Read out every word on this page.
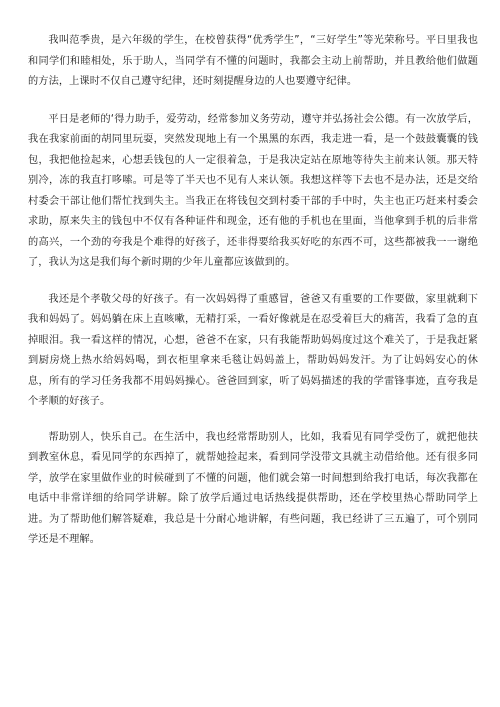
我叫范季贵，是六年级的学生，在校曾获得“优秀学生”，“三好学生”等光荣称号。平日里我也和同学们和睦相处，乐于助人，当同学有不懂的问题时，我都会主动上前帮助，并且教给他们做题的方法，上课时不仅自己遵守纪律，还时刻提醒身边的人也要遵守纪律。

平日是老师的‘得力助手，爱劳动，经常参加义务劳动，遵守并弘扬社会公德。有一次放学后，我在我家前面的胡同里玩耍，突然发现地上有一个黑黑的东西，我走进一看，是一个鼓鼓囊囊的钱包，我把他捡起来，心想丢钱包的人一定很着急，于是我决定站在原地等待失主前来认领。那天特别冷，冻的我直打哆嗦。可是等了半天也不见有人来认领。我想这样等下去也不是办法，还是交给村委会干部让他们帮忙找到失主。当我正在将钱包交到村委干部的手中时，失主也正巧赶来村委会求助，原来失主的钱包中不仅有各种证件和现金，还有他的手机也在里面，当他拿到手机的后非常的高兴，一个劲的夸我是个难得的好孩子，还非得要给我买好吃的东西不可，这些都被我一一谢绝了，我认为这是我们每个新时期的少年儿童都应该做到的。

我还是个孝敬父母的好孩子。有一次妈妈得了重感冒，爸爸又有重要的工作要做，家里就剩下我和妈妈了。妈妈躺在床上直咳嗽，无精打采，一看好像就是在忍受着巨大的痛苦，我看了急的直掉眼泪。我一看这样的情况，心想，爸爸不在家，只有我能帮助妈妈度过这个难关了，于是我赶紧到厨房烧上热水给妈妈喝，到衣柜里拿来毛毯让妈妈盖上，帮助妈妈发汗。为了让妈妈安心的休息，所有的学习任务我都不用妈妈操心。爸爸回到家，听了妈妈描述的我的学雷锋事迹，直夸我是个孝顺的好孩子。

帮助别人，快乐自己。在生活中，我也经常帮助别人，比如，我看见有同学受伤了，就把他扶到教室休息，看见同学的东西掉了，就帮她捡起来，看到同学没带文具就主动借给他。还有很多同学，放学在家里做作业的时候碰到了不懂的问题，他们就会第一时间想到给我打电话，每次我都在电话中非常详细的给同学讲解。除了放学后通过电话热线提供帮助，还在学校里热心帮助同学上进。为了帮助他们解答疑难，我总是十分耐心地讲解，有些问题，我已经讲了三五遍了，可个别同学还是不理解。
